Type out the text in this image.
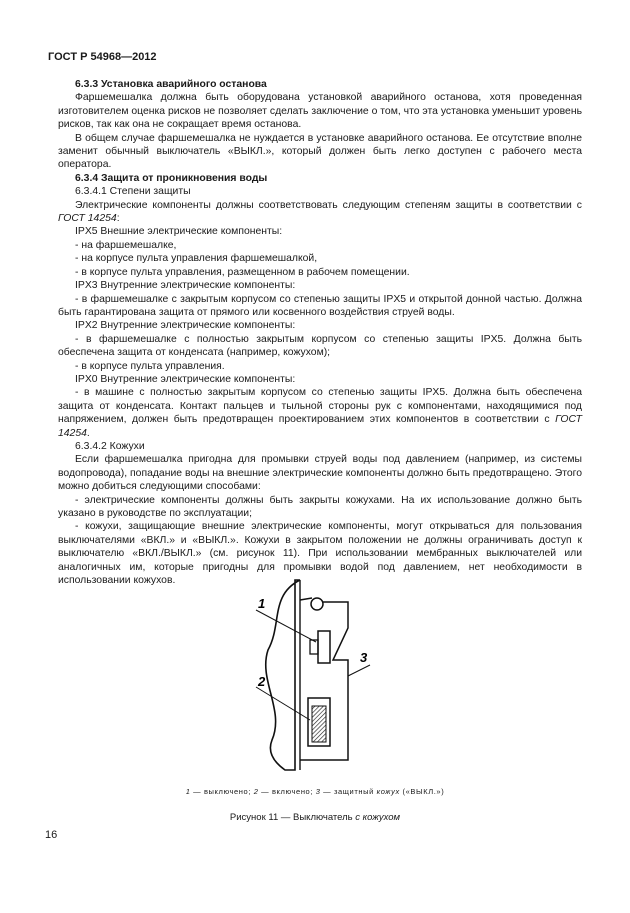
ГОСТ Р 54968—2012

6.3.3 Установка аварийного останова

Фаршемешалка должна быть оборудована установкой аварийного останова, хотя проведенная изготовителем оценка рисков не позволяет сделать заключение о том, что эта установка уменьшит уровень рисков, так как она не сокращает время останова.

В общем случае фаршемешалка не нуждается в установке аварийного останова. Ее отсутствие вполне заменит обычный выключатель «ВЫКЛ.», который должен быть легко доступен с рабочего места оператора.

6.3.4 Защита от проникновения воды

6.3.4.1 Степени защиты

Электрические компоненты должны соответствовать следующим степеням защиты в соответствии с ГОСТ 14254:

IPX5 Внешние электрические компоненты:

- на фаршемешалке,

- на корпусе пульта управления фаршемешалкой,

- в корпусе пульта управления, размещенном в рабочем помещении.

IPX3 Внутренние электрические компоненты:

- в фаршемешалке с закрытым корпусом со степенью защиты IPX5 и открытой донной частью. Должна быть гарантирована защита от прямого или косвенного воздействия струей воды.

IPX2 Внутренние электрические компоненты:

- в фаршемешалке с полностью закрытым корпусом со степенью защиты IPX5. Должна быть обеспечена защита от конденсата (например, кожухом);

- в корпусе пульта управления.

IPX0 Внутренние электрические компоненты:

- в машине с полностью закрытым корпусом со степенью защиты IPX5. Должна быть обеспечена защита от конденсата. Контакт пальцев и тыльной стороны рук с компонентами, находящимися под напряжением, должен быть предотвращен проектированием этих компонентов в соответствии с ГОСТ 14254.

6.3.4.2 Кожухи

Если фаршемешалка пригодна для промывки струей воды под давлением (например, из системы водопровода), попадание воды на внешние электрические компоненты должно быть предотвращено. Этого можно добиться следующими способами:

- электрические компоненты должны быть закрыты кожухами. На их использование должно быть указано в руководстве по эксплуатации;

- кожухи, защищающие внешние электрические компоненты, могут открываться для пользования выключателями «ВКЛ.» и «ВЫКЛ.». Кожухи в закрытом положении не должны ограничивать доступ к выключателю «ВКЛ./ВЫКЛ.» (см. рисунок 11). При использовании мембранных выключателей или аналогичных им, которые пригодны для промывки водой под давлением, нет необходимости в использовании кожухов.

1
2
3
1 — выключено; 2 — включено; 3 — защитный кожух («ВЫКЛ.»)
Рисунок 11 — Выключатель с кожухом
16
